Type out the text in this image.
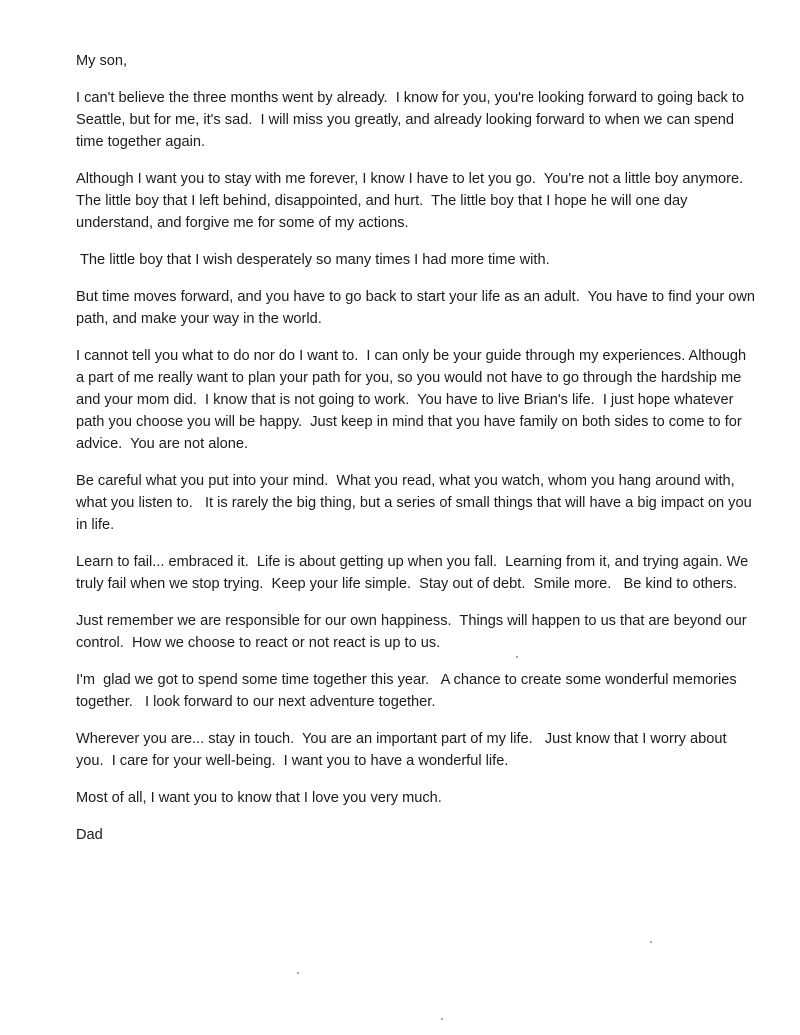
My son,

I can't believe the three months went by already.  I know for you, you're looking forward to going back to Seattle, but for me, it's sad.  I will miss you greatly, and already looking forward to when we can spend time together again.

Although I want you to stay with me forever, I know I have to let you go.  You're not a little boy anymore.   The little boy that I left behind, disappointed, and hurt.  The little boy that I hope he will one day understand, and forgive me for some of my actions.

The little boy that I wish desperately so many times I had more time with.

But time moves forward, and you have to go back to start your life as an adult.  You have to find your own path, and make your way in the world.

I cannot tell you what to do nor do I want to.  I can only be your guide through my experiences. Although a part of me really want to plan your path for you, so you would not have to go through the hardship me and your mom did.  I know that is not going to work.  You have to live Brian's life.  I just hope whatever path you choose you will be happy.  Just keep in mind that you have family on both sides to come to for advice.  You are not alone.

Be careful what you put into your mind.  What you read, what you watch, whom you hang around with, what you listen to.   It is rarely the big thing, but a series of small things that will have a big impact on you in life.

Learn to fail... embraced it.  Life is about getting up when you fall.  Learning from it, and trying again. We truly fail when we stop trying.  Keep your life simple.  Stay out of debt.  Smile more.   Be kind to others.

Just remember we are responsible for our own happiness.  Things will happen to us that are beyond our control.  How we choose to react or not react is up to us.

I'm  glad we got to spend some time together this year.   A chance to create some wonderful memories together.   I look forward to our next adventure together.

Wherever you are... stay in touch.  You are an important part of my life.   Just know that I worry about you.  I care for your well-being.  I want you to have a wonderful life.

Most of all, I want you to know that I love you very much.

Dad
